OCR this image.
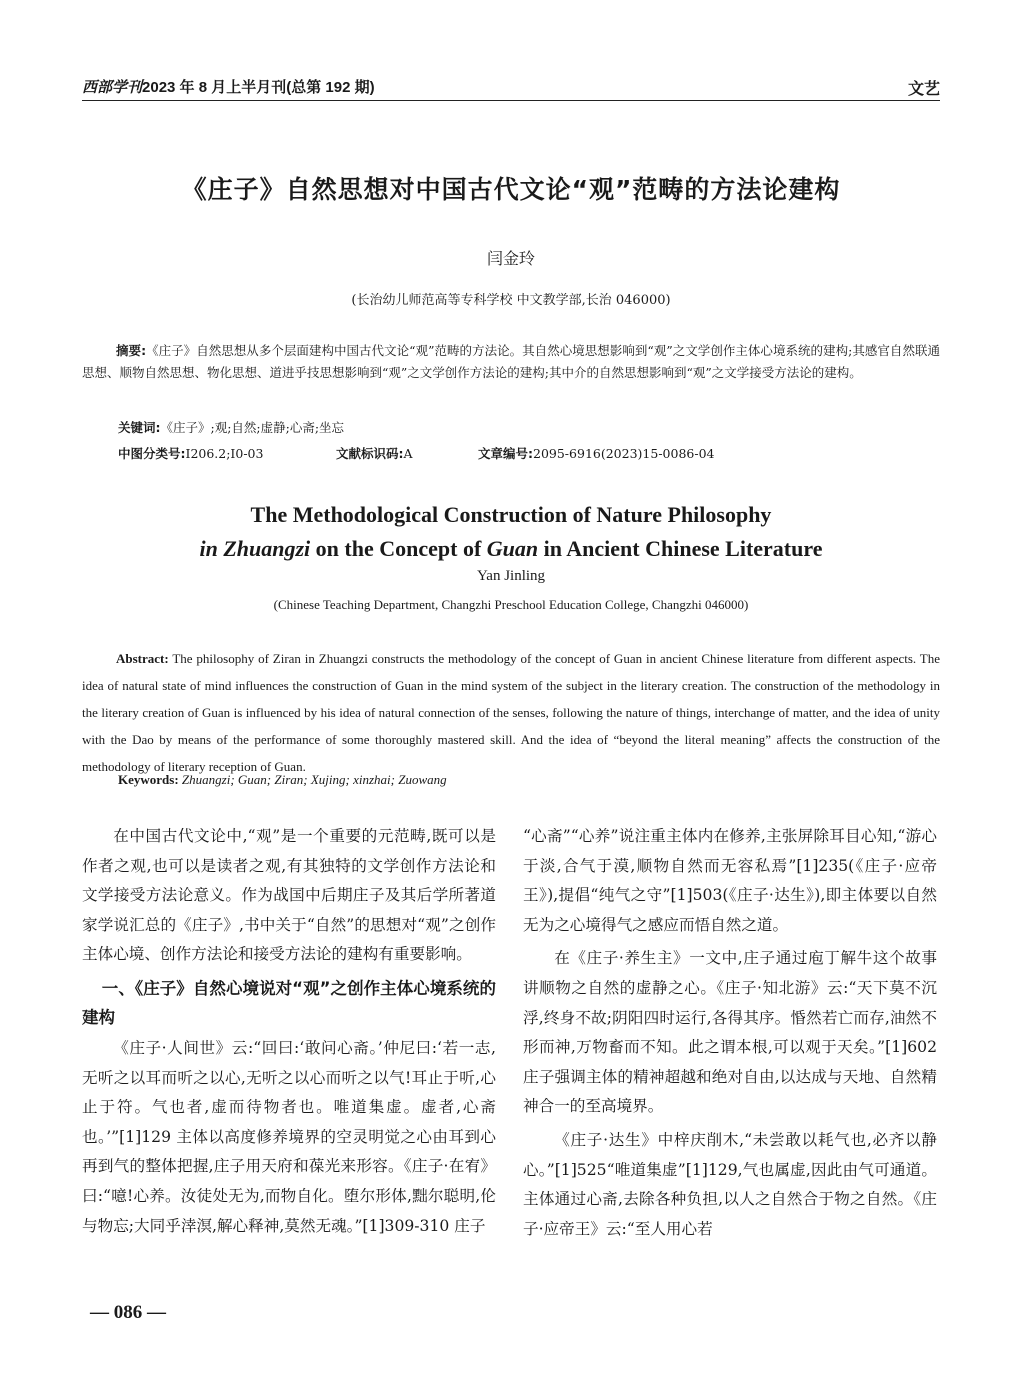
西部学刊2023 年 8 月上半月刊(总第 192 期)	文艺
《庄子》自然思想对中国古代文论“观”范畴的方法论建构
闫金玲
(长治幼儿师范高等专科学校 中文教学部,长治 046000)
摘要:《庄子》自然思想从多个层面建构中国古代文论“观”范畴的方法论。其自然心境思想影响到“观”之文学创作主体心境系统的建构;其感官自然联通思想、顺物自然思想、物化思想、道进乎技思想影响到“观”之文学创作方法论的建构;其中介的自然思想影响到“观”之文学接受方法论的建构。
关键词:《庄子》;观;自然;虚静;心斋;坐忘
中图分类号:I206.2;I0-03	文献标识码:A	文章编号:2095-6916(2023)15-0086-04
The Methodological Construction of Nature Philosophy
in Zhuangzi on the Concept of Guan in Ancient Chinese Literature
Yan Jinling
(Chinese Teaching Department, Changzhi Preschool Education College, Changzhi 046000)
Abstract: The philosophy of Ziran in Zhuangzi constructs the methodology of the concept of Guan in ancient Chinese literature from different aspects. The idea of natural state of mind influences the construction of Guan in the mind system of the subject in the literary creation. The construction of the methodology in the literary creation of Guan is influenced by his idea of natural connection of the senses, following the nature of things, interchange of matter, and the idea of unity with the Dao by means of the performance of some thoroughly mastered skill. And the idea of “beyond the literal meaning” affects the construction of the methodology of literary reception of Guan.
Keywords: Zhuangzi; Guan; Ziran; Xujing; xinzhai; Zuowang

在中国古代文论中,“观”是一个重要的元范畴,既可以是作者之观,也可以是读者之观,有其独特的文学创作方法论和文学接受方法论意义。作为战国中后期庄子及其后学所著道家学说汇总的《庄子》,书中关于“自然”的思想对“观”之创作主体心境、创作方法论和接受方法论的建构有重要影响。

一、《庄子》自然心境说对“观”之创作主体心境系统的建构

《庄子·人间世》云:“回曰:‘敢问心斋。’仲尼曰:‘若一志,无听之以耳而听之以心,无听之以心而听之以气!耳止于听,心止于符。气也者,虚而待物者也。唯道集虚。虚者,心斋也。’”[1]129 主体以高度修养境界的空灵明觉之心由耳到心再到气的整体把握,庄子用天府和葆光来形容。《庄子·在宥》曰:“噫!心养。汝徒处无为,而物自化。堕尔形体,黜尔聪明,伦与物忘;大同乎涬溟,解心释神,莫然无魂。”[1]309-310 庄子

“心斋”“心养”说注重主体内在修养,主张屏除耳目心知,“游心于淡,合气于漠,顺物自然而无容私焉”[1]235(《庄子·应帝王》),提倡“纯气之守”[1]503(《庄子·达生》),即主体要以自然无为之心境得气之感应而悟自然之道。

在《庄子·养生主》一文中,庄子通过庖丁解牛这个故事讲顺物之自然的虚静之心。《庄子·知北游》云:“天下莫不沉浮,终身不故;阴阳四时运行,各得其序。惛然若亡而存,油然不形而神,万物畜而不知。此之谓本根,可以观于天矣。”[1]602 庄子强调主体的精神超越和绝对自由,以达成与天地、自然精神合一的至高境界。

《庄子·达生》中梓庆削木,“未尝敢以耗气也,必齐以静心。”[1]525“唯道集虚”[1]129,气也属虚,因此由气可通道。主体通过心斋,去除各种负担,以人之自然合于物之自然。《庄子·应帝王》云:“至人用心若

— 086 —
